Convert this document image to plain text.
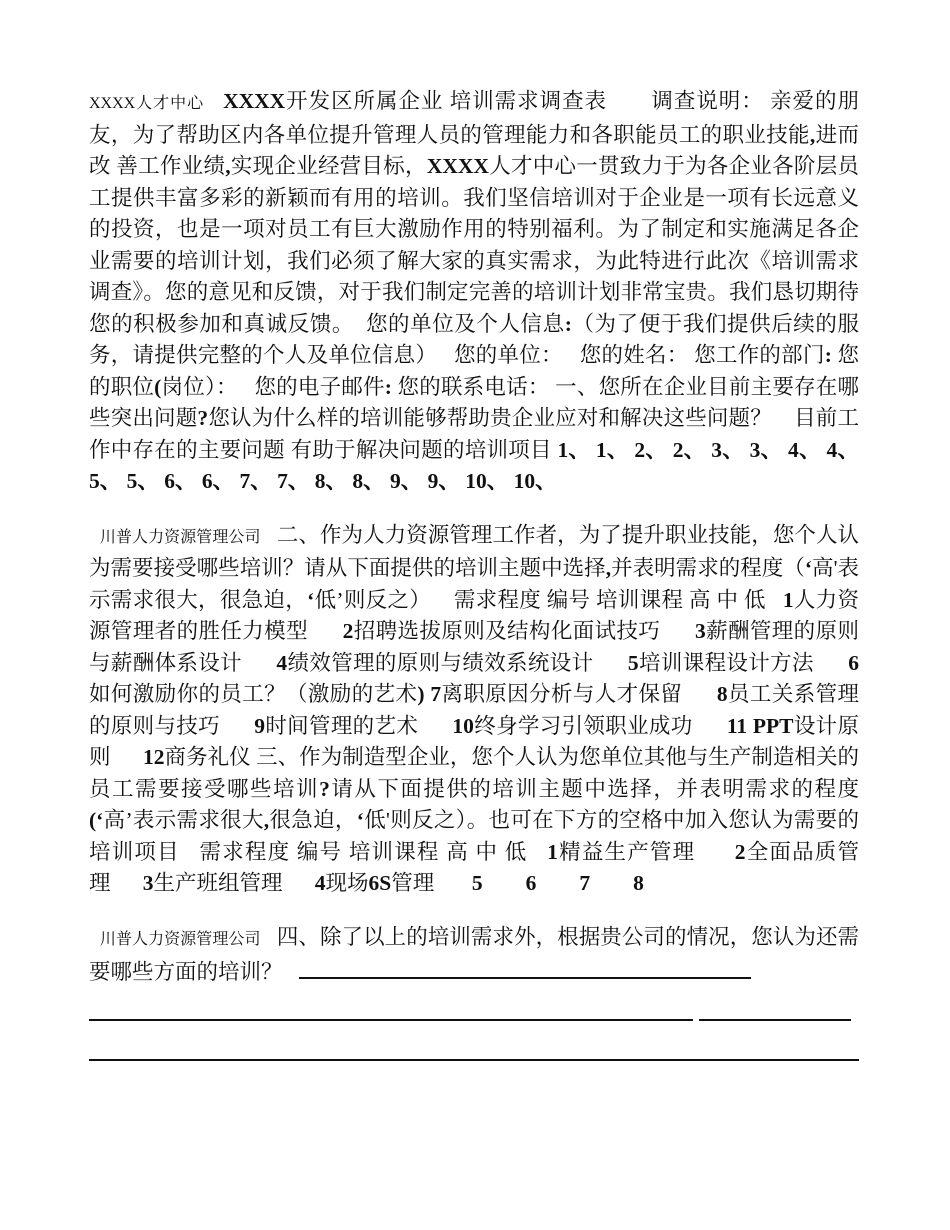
XXXX人才中心 XXXX开发区所属企业 培训需求调查表 调查说明： 亲爱的朋友，为了帮助区内各单位提升管理人员的管理能力和各职能员工的职业技能,进而改 善工作业绩,实现企业经营目标，XXXX人才中心一贯致力于为各企业各阶层员工提供丰富多彩的新颖而有用的培训。我们坚信培训对于企业是一项有长远意义的投资，也是一项对员工有巨大激励作用的特别福利。为了制定和实施满足各企业需要的培训计划，我们必须了解大家的真实需求，为此特进行此次《培训需求调查》。您的意见和反馈，对于我们制定完善的培训计划非常宝贵。我们恳切期待您的积极参加和真诚反馈。 您的单位及个人信息:（为了便于我们提供后续的服务，请提供完整的个人及单位信息） 您的单位： 您的姓名： 您工作的部门: 您的职位(岗位）： 您的电子邮件: 您的联系电话： 一、您所在企业目前主要存在哪些突出问题?您认为什么样的培训能够帮助贵企业应对和解决这些问题？ 目前工作中存在的主要问题 有助于解决问题的培训项目 1、 1、 2、 2、 3、 3、 4、 4、 5、 5、 6、 6、 7、 7、 8、 8、 9、 9、 10、 10、

川普人力资源管理公司 二、作为人力资源管理工作者，为了提升职业技能，您个人认为需要接受哪些培训？请从下面提供的培训主题中选择,并表明需求的程度（‘高'表示需求很大，很急迫，‘低’则反之） 需求程度 编号 培训课程 高 中 低 1人力资源管理者的胜任力模型 2招聘选拔原则及结构化面试技巧 3薪酬管理的原则与薪酬体系设计 4绩效管理的原则与绩效系统设计 5培训课程设计方法 6如何激励你的员工？（激励的艺术) 7离职原因分析与人才保留 8员工关系管理的原则与技巧 9时间管理的艺术 10终身学习引领职业成功 11 PPT设计原则 12商务礼仪 三、作为制造型企业，您个人认为您单位其他与生产制造相关的员工需要接受哪些培训?请从下面提供的培训主题中选择，并表明需求的程度(‘高’表示需求很大,很急迫，‘低'则反之）。也可在下方的空格中加入您认为需要的培训项目 需求程度 编号 培训课程 高 中 低 1精益生产管理 2全面品质管理 3生产班组管理 4现场6S管理 5 6 7 8

川普人力资源管理公司 四、除了以上的培训需求外，根据贵公司的情况，您认为还需要哪些方面的培训？
